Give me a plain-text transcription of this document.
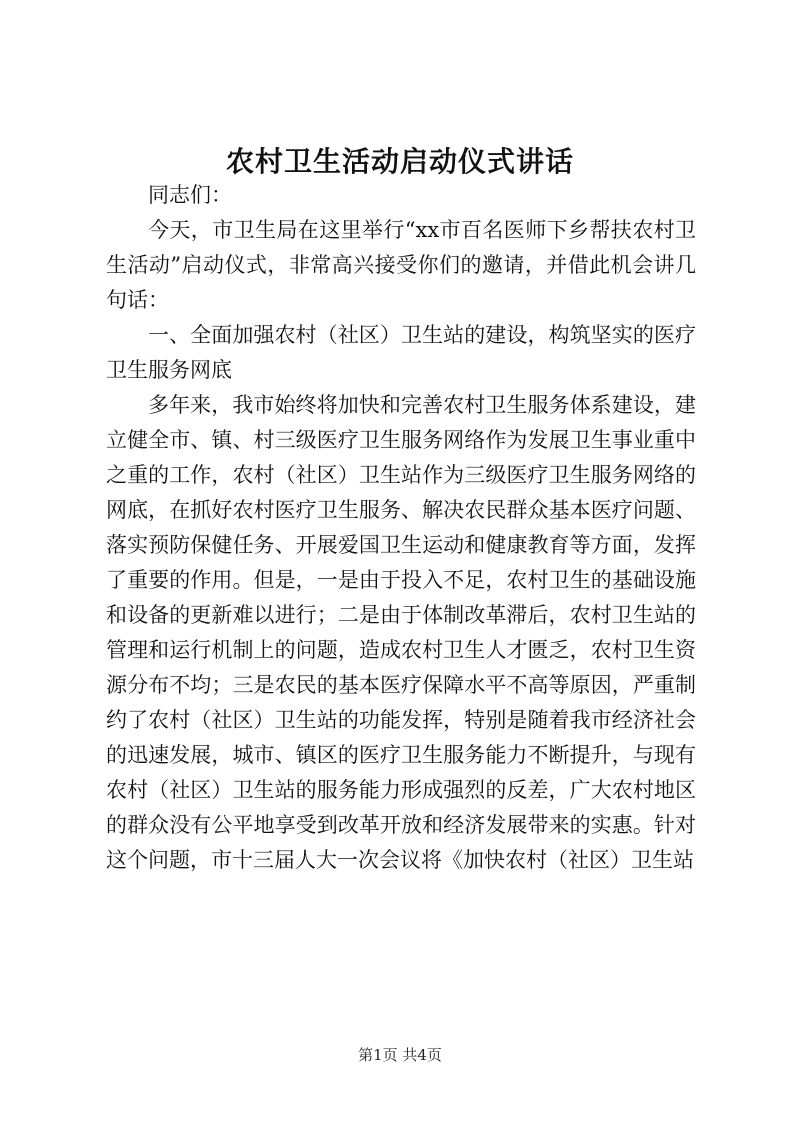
农村卫生活动启动仪式讲话

同志们：

今天，市卫生局在这里举行“xx市百名医师下乡帮扶农村卫生活动”启动仪式，非常高兴接受你们的邀请，并借此机会讲几句话：

一、全面加强农村（社区）卫生站的建设，构筑坚实的医疗卫生服务网底

多年来，我市始终将加快和完善农村卫生服务体系建设，建立健全市、镇、村三级医疗卫生服务网络作为发展卫生事业重中之重的工作，农村（社区）卫生站作为三级医疗卫生服务网络的网底，在抓好农村医疗卫生服务、解决农民群众基本医疗问题、落实预防保健任务、开展爱国卫生运动和健康教育等方面，发挥了重要的作用。但是，一是由于投入不足，农村卫生的基础设施和设备的更新难以进行；二是由于体制改革滞后，农村卫生站的管理和运行机制上的问题，造成农村卫生人才匮乏，农村卫生资源分布不均；三是农民的基本医疗保障水平不高等原因，严重制约了农村（社区）卫生站的功能发挥，特别是随着我市经济社会的迅速发展，城市、镇区的医疗卫生服务能力不断提升，与现有农村（社区）卫生站的服务能力形成强烈的反差，广大农村地区的群众没有公平地享受到改革开放和经济发展带来的实惠。针对这个问题，市十三届人大一次会议将《加快农村（社区）卫生站

第1页 共4页
